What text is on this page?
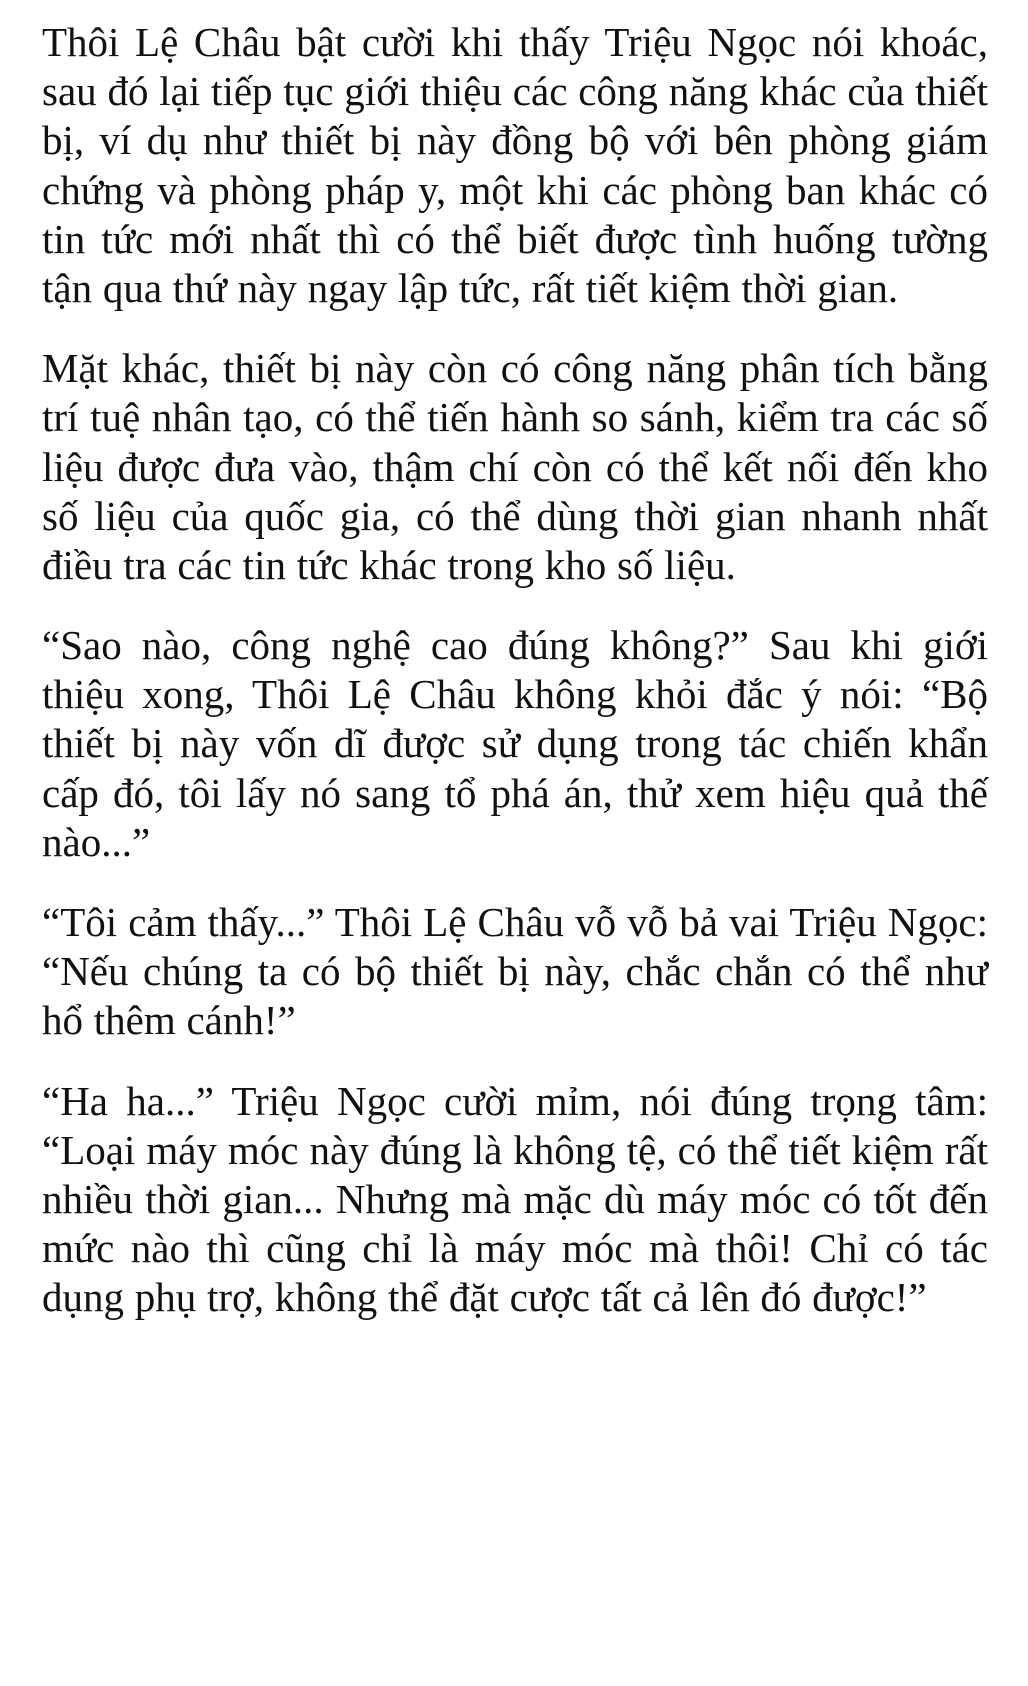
Thôi Lệ Châu bật cười khi thấy Triệu Ngọc nói khoác, sau đó lại tiếp tục giới thiệu các công năng khác của thiết bị, ví dụ như thiết bị này đồng bộ với bên phòng giám chứng và phòng pháp y, một khi các phòng ban khác có tin tức mới nhất thì có thể biết được tình huống tường tận qua thứ này ngay lập tức, rất tiết kiệm thời gian.

Mặt khác, thiết bị này còn có công năng phân tích bằng trí tuệ nhân tạo, có thể tiến hành so sánh, kiểm tra các số liệu được đưa vào, thậm chí còn có thể kết nối đến kho số liệu của quốc gia, có thể dùng thời gian nhanh nhất điều tra các tin tức khác trong kho số liệu.

“Sao nào, công nghệ cao đúng không?” Sau khi giới thiệu xong, Thôi Lệ Châu không khỏi đắc ý nói: “Bộ thiết bị này vốn dĩ được sử dụng trong tác chiến khẩn cấp đó, tôi lấy nó sang tổ phá án, thử xem hiệu quả thế nào...”

“Tôi cảm thấy...” Thôi Lệ Châu vỗ vỗ bả vai Triệu Ngọc: “Nếu chúng ta có bộ thiết bị này, chắc chắn có thể như hổ thêm cánh!”

“Ha ha...” Triệu Ngọc cười mỉm, nói đúng trọng tâm: “Loại máy móc này đúng là không tệ, có thể tiết kiệm rất nhiều thời gian... Nhưng mà mặc dù máy móc có tốt đến mức nào thì cũng chỉ là máy móc mà thôi! Chỉ có tác dụng phụ trợ, không thể đặt cược tất cả lên đó được!”
